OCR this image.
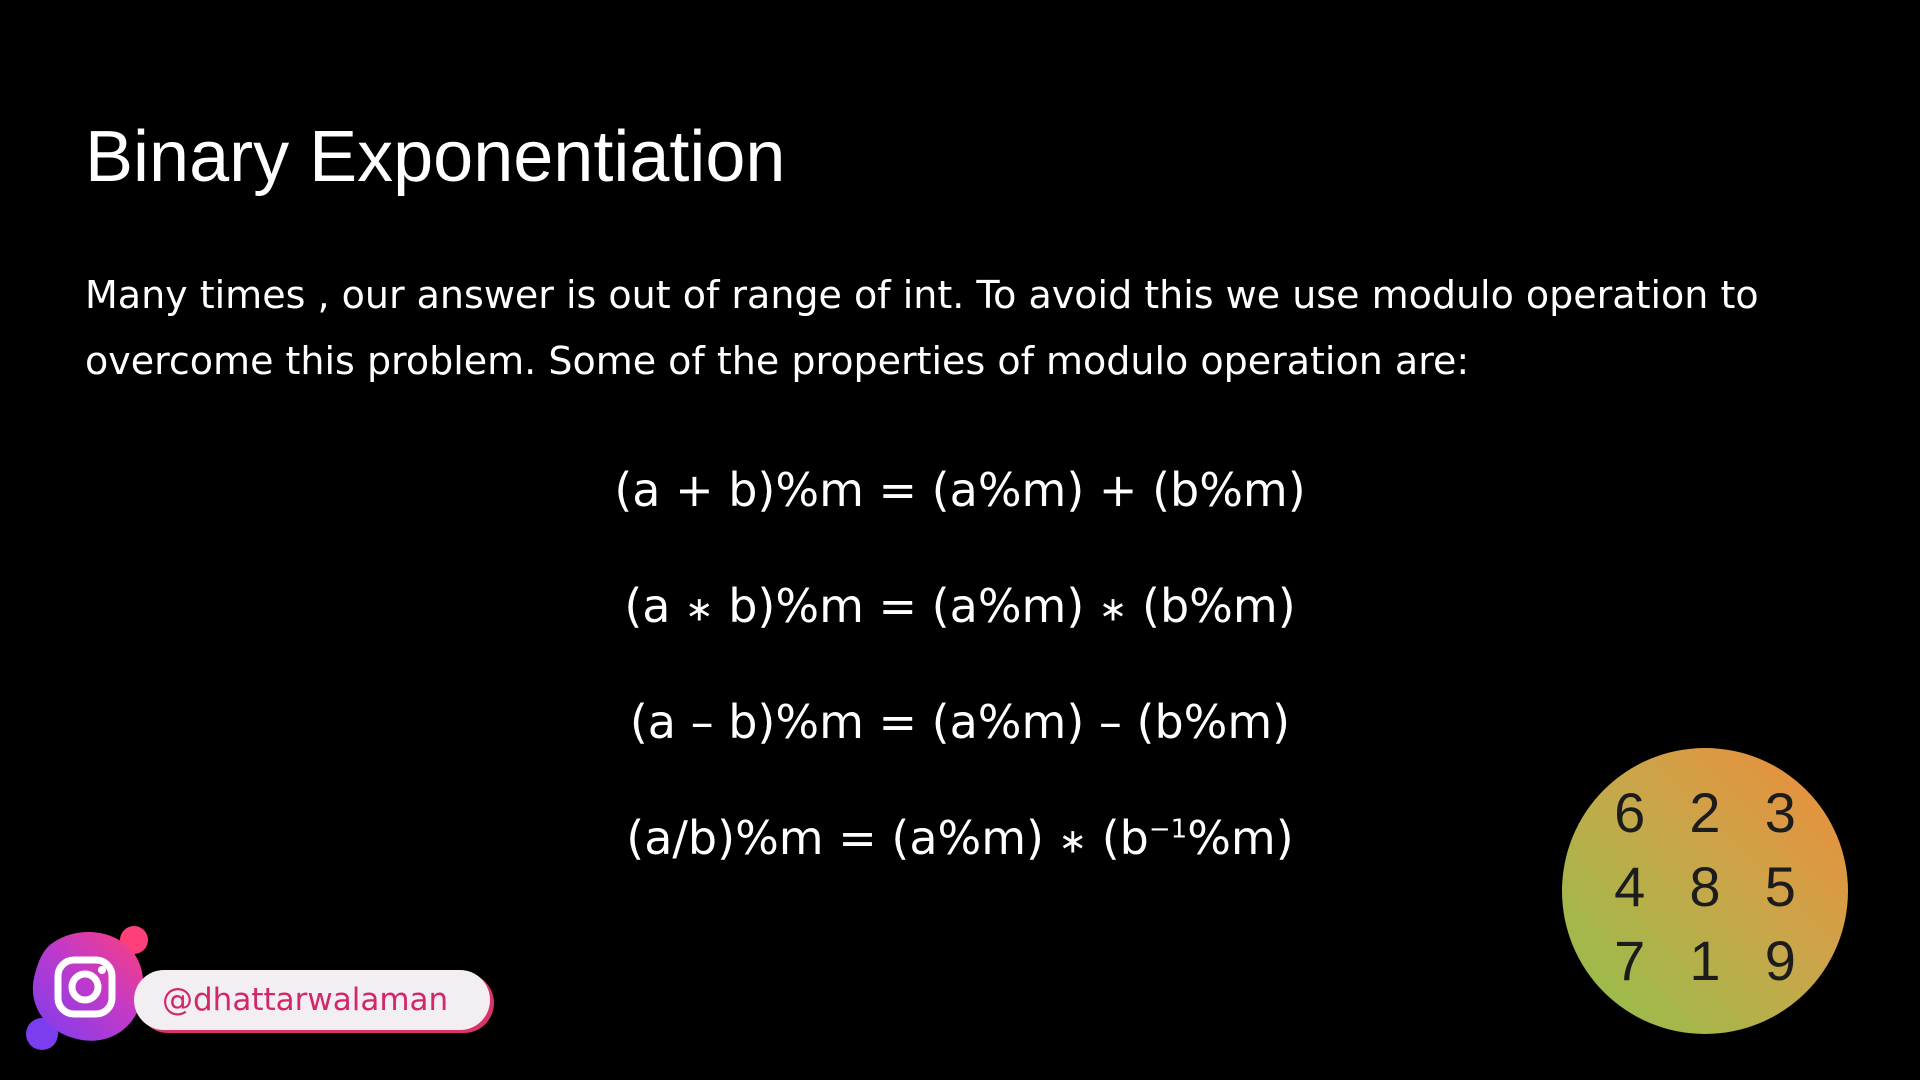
Binary Exponentiation
Many times , our answer is out of range of int. To avoid this we use modulo operation to
overcome this problem. Some of the properties of modulo operation are:
(a + b)%m = (a%m) + (b%m)
(a ∗ b)%m = (a%m) ∗ (b%m)
(a – b)%m = (a%m) – (b%m)
(a/b)%m = (a%m) ∗ $(b^{-1}\%m)$
@dhattarwalaman
6 2 3
4 8 5
7 1 9
